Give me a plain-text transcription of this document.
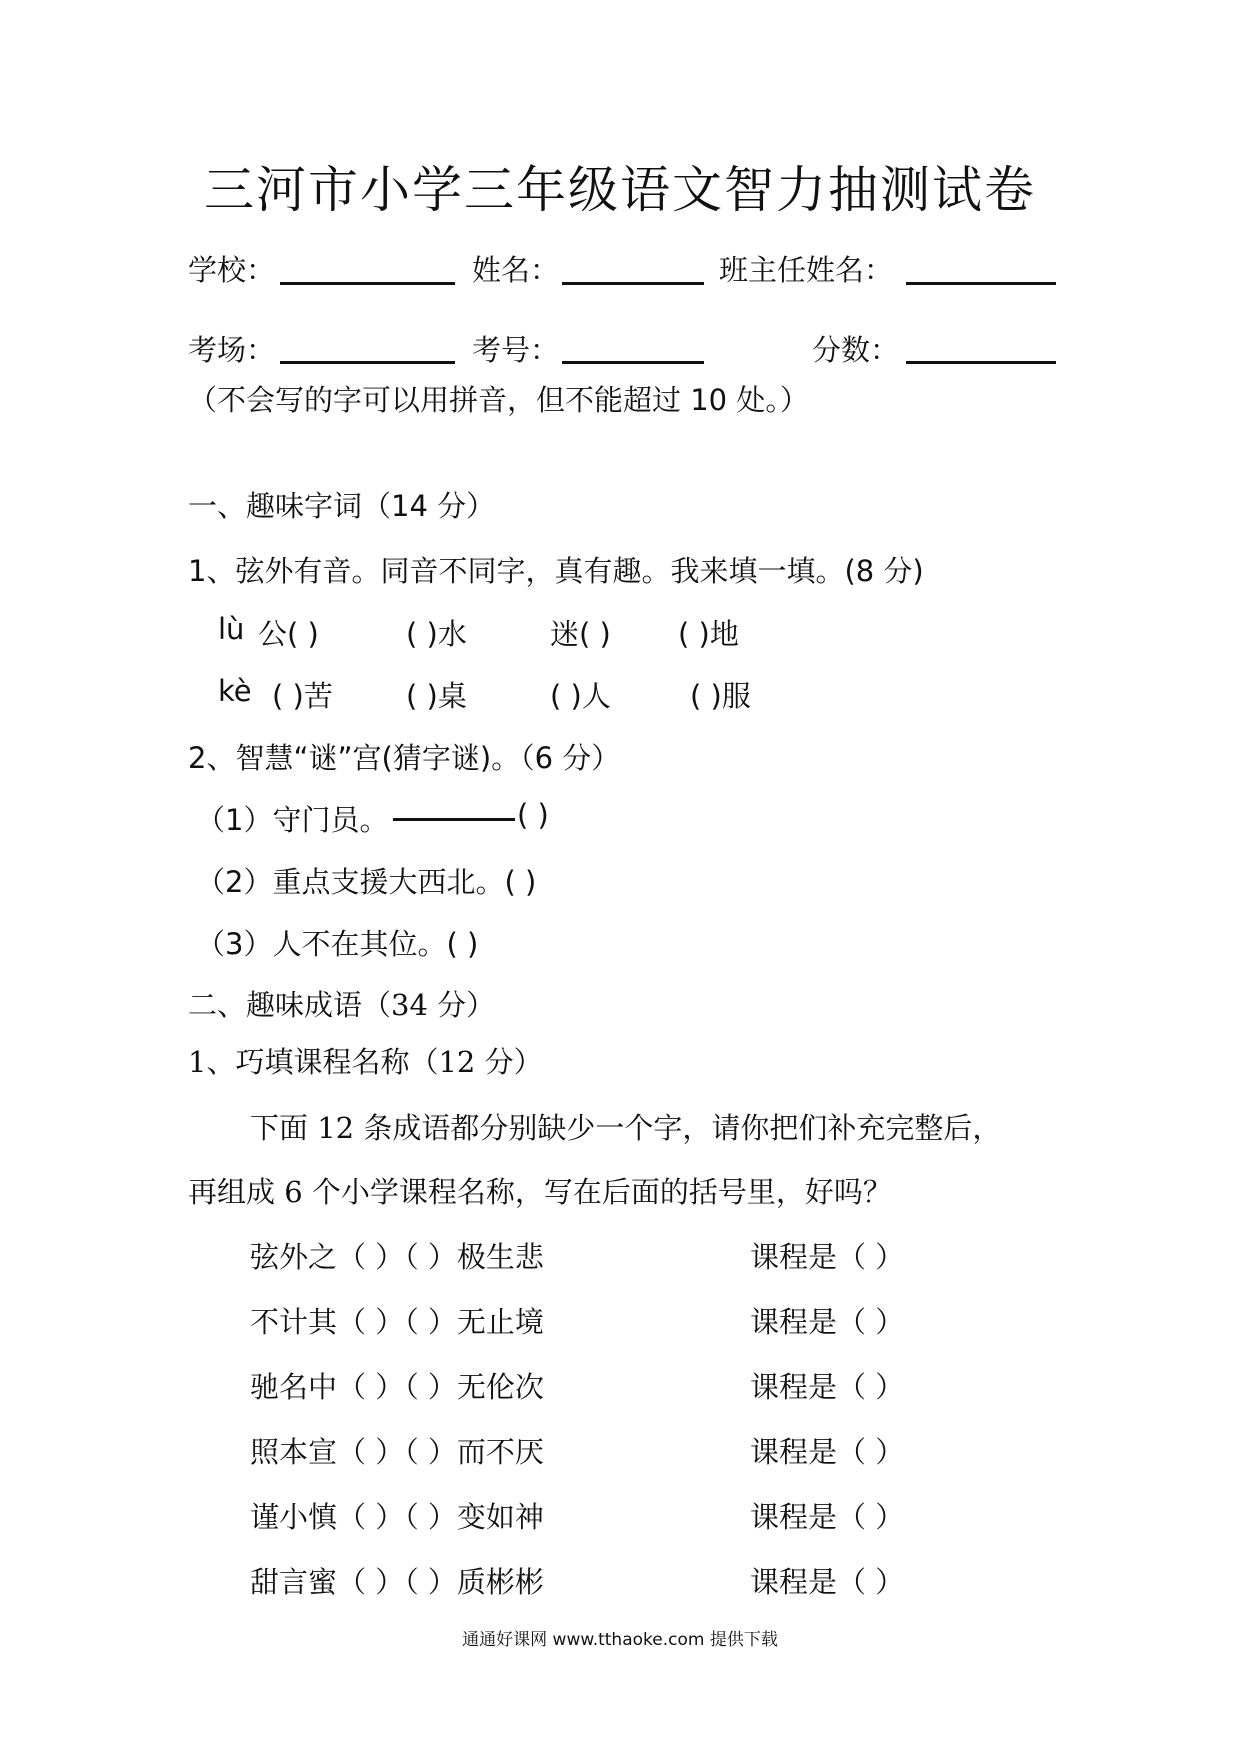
三河市小学三年级语文智力抽测试卷
学校：	姓名：	班主任姓名：
考场：	考号：	分数：
（不会写的字可以用拼音，但不能超过 10 处。）
一、趣味字词（14 分）
1、弦外有音。同音不同字，真有趣。我来填一填。(8 分)
lù 公( )	( )水	迷( ) ( )地
kè ( )苦	( )桌	( )人	( )服
2、智慧“谜”宫(猜字谜)。（6 分）
（1）守门员。	( )
（2）重点支援大西北。( )
（3）人不在其位。( )
二、趣味成语（34 分）
1、巧填课程名称（12 分）
下面 12 条成语都分别缺少一个字，请你把们补充完整后，
再组成 6 个小学课程名称，写在后面的括号里，好吗？
弦外之（ ）（ ）极生悲	课程是（ ）
不计其（ ）（ ）无止境	课程是（ ）
驰名中（ ）（ ）无伦次	课程是（ ）
照本宣（ ）（ ）而不厌	课程是（ ）
谨小慎（ ）（ ）变如神	课程是（ ）
甜言蜜（ ）（ ）质彬彬	课程是（ ）
通通好课网 www.tthaoke.com 提供下载
